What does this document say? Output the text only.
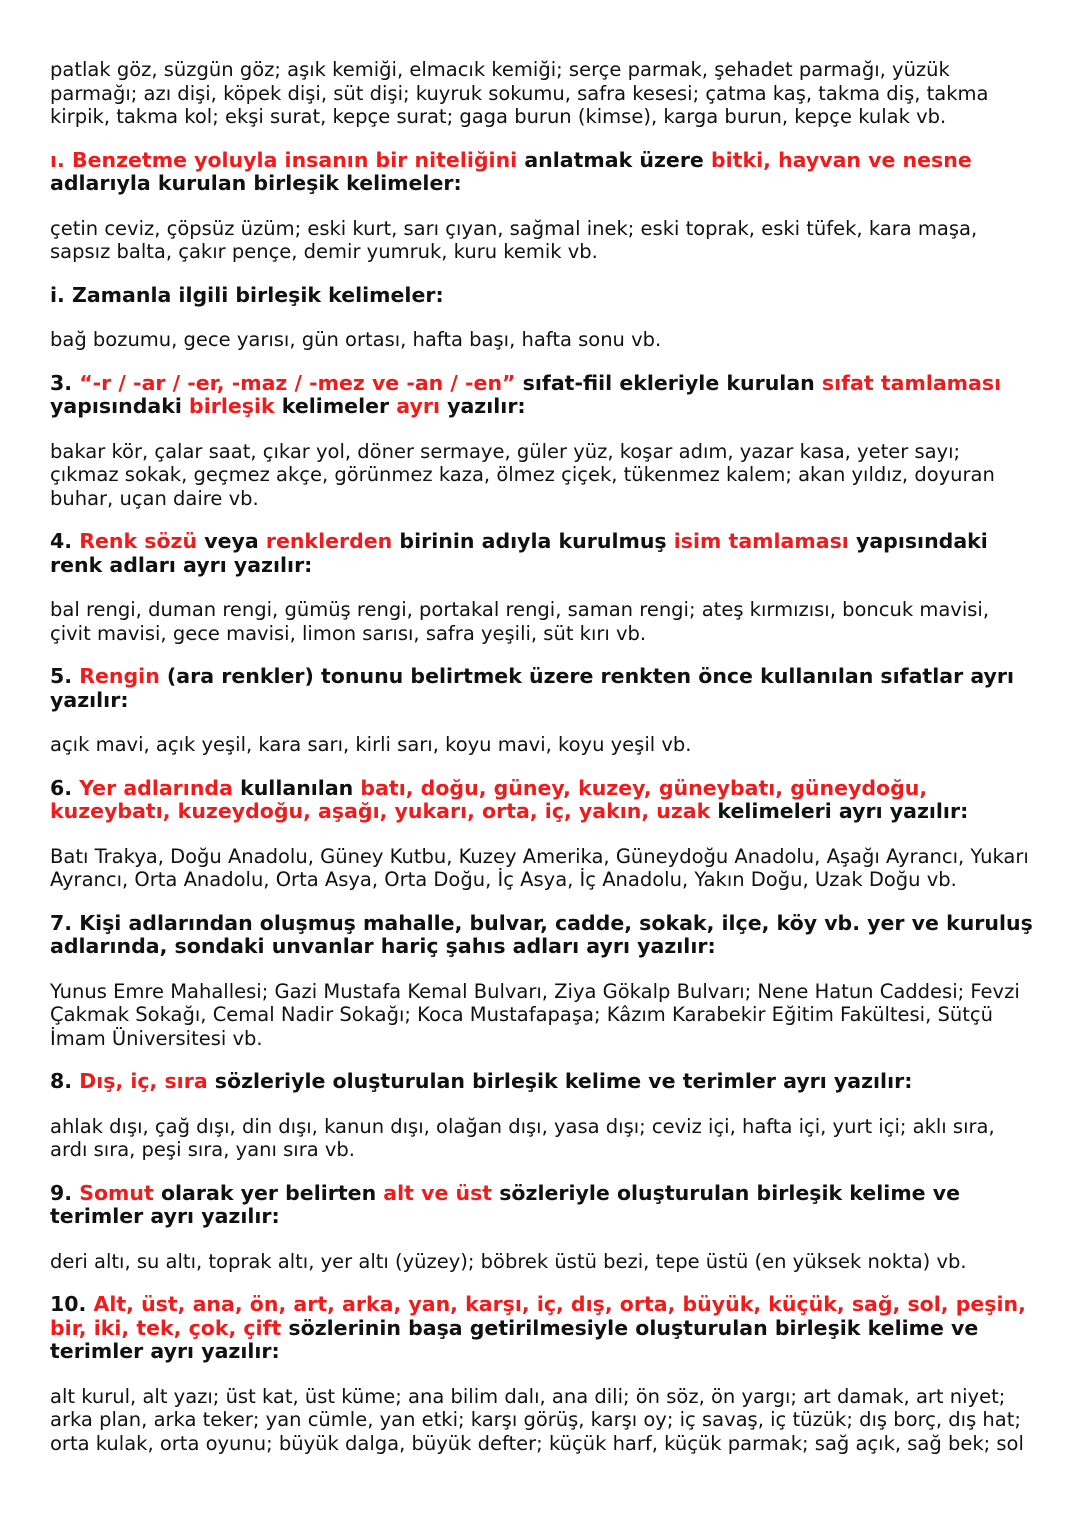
patlak göz, süzgün göz; aşık kemiği, elmacık kemiği; serçe parmak, şehadet parmağı, yüzük parmağı; azı dişi, köpek dişi, süt dişi; kuyruk sokumu, safra kesesi; çatma kaş, takma diş, takma kirpik, takma kol; ekşi surat, kepçe surat; gaga burun (kimse), karga burun, kepçe kulak vb.

ı. Benzetme yoluyla insanın bir niteliğini anlatmak üzere bitki, hayvan ve nesne adlarıyla kurulan birleşik kelimeler:

çetin ceviz, çöpsüz üzüm; eski kurt, sarı çıyan, sağmal inek; eski toprak, eski tüfek, kara maşa, sapsız balta, çakır pençe, demir yumruk, kuru kemik vb.

i. Zamanla ilgili birleşik kelimeler:

bağ bozumu, gece yarısı, gün ortası, hafta başı, hafta sonu vb.

3. “-r / -ar / -er, -maz / -mez ve -an / -en” sıfat-fiil ekleriyle kurulan sıfat tamlaması yapısındaki birleşik kelimeler ayrı yazılır:

bakar kör, çalar saat, çıkar yol, döner sermaye, güler yüz, koşar adım, yazar kasa, yeter sayı; çıkmaz sokak, geçmez akçe, görünmez kaza, ölmez çiçek, tükenmez kalem; akan yıldız, doyuran buhar, uçan daire vb.

4. Renk sözü veya renklerden birinin adıyla kurulmuş isim tamlaması yapısındaki renk adları ayrı yazılır:

bal rengi, duman rengi, gümüş rengi, portakal rengi, saman rengi; ateş kırmızısı, boncuk mavisi, çivit mavisi, gece mavisi, limon sarısı, safra yeşili, süt kırı vb.

5. Rengin (ara renkler) tonunu belirtmek üzere renkten önce kullanılan sıfatlar ayrı yazılır:

açık mavi, açık yeşil, kara sarı, kirli sarı, koyu mavi, koyu yeşil vb.

6. Yer adlarında kullanılan batı, doğu, güney, kuzey, güneybatı, güneydoğu, kuzeybatı, kuzeydoğu, aşağı, yukarı, orta, iç, yakın, uzak kelimeleri ayrı yazılır:

Batı Trakya, Doğu Anadolu, Güney Kutbu, Kuzey Amerika, Güneydoğu Anadolu, Aşağı Ayrancı, Yukarı Ayrancı, Orta Anadolu, Orta Asya, Orta Doğu, İç Asya, İç Anadolu, Yakın Doğu, Uzak Doğu vb.

7. Kişi adlarından oluşmuş mahalle, bulvar, cadde, sokak, ilçe, köy vb. yer ve kuruluş adlarında, sondaki unvanlar hariç şahıs adları ayrı yazılır:

Yunus Emre Mahallesi; Gazi Mustafa Kemal Bulvarı, Ziya Gökalp Bulvarı; Nene Hatun Caddesi; Fevzi Çakmak Sokağı, Cemal Nadir Sokağı; Koca Mustafapaşa; Kâzım Karabekir Eğitim Fakültesi, Sütçü İmam Üniversitesi vb.

8. Dış, iç, sıra sözleriyle oluşturulan birleşik kelime ve terimler ayrı yazılır:

ahlak dışı, çağ dışı, din dışı, kanun dışı, olağan dışı, yasa dışı; ceviz içi, hafta içi, yurt içi; aklı sıra, ardı sıra, peşi sıra, yanı sıra vb.

9. Somut olarak yer belirten alt ve üst sözleriyle oluşturulan birleşik kelime ve terimler ayrı yazılır:

deri altı, su altı, toprak altı, yer altı (yüzey); böbrek üstü bezi, tepe üstü (en yüksek nokta) vb.

10. Alt, üst, ana, ön, art, arka, yan, karşı, iç, dış, orta, büyük, küçük, sağ, sol, peşin, bir, iki, tek, çok, çift sözlerinin başa getirilmesiyle oluşturulan birleşik kelime ve terimler ayrı yazılır:

alt kurul, alt yazı; üst kat, üst küme; ana bilim dalı, ana dili; ön söz, ön yargı; art damak, art niyet; arka plan, arka teker; yan cümle, yan etki; karşı görüş, karşı oy; iç savaş, iç tüzük; dış borç, dış hat; orta kulak, orta oyunu; büyük dalga, büyük defter; küçük harf, küçük parmak; sağ açık, sağ bek; sol
